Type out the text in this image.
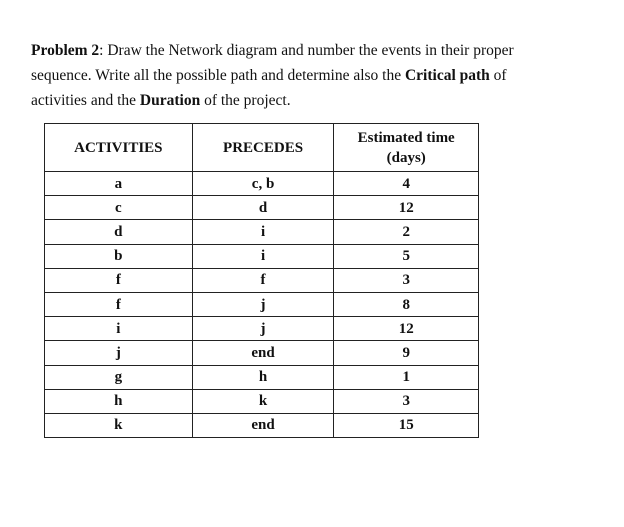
Problem 2: Draw the Network diagram and number the events in their proper
sequence. Write all the possible path and determine also the Critical path of
activities and the Duration of the project.
ACTIVITIES	PRECEDES	Estimated time
(days)

a	c, b	4
c	d	12
d	i	2
b	i	5
f	f	3
f	j	8
i	j	12
j	end	9
g	h	1
h	k	3
k	end	15
